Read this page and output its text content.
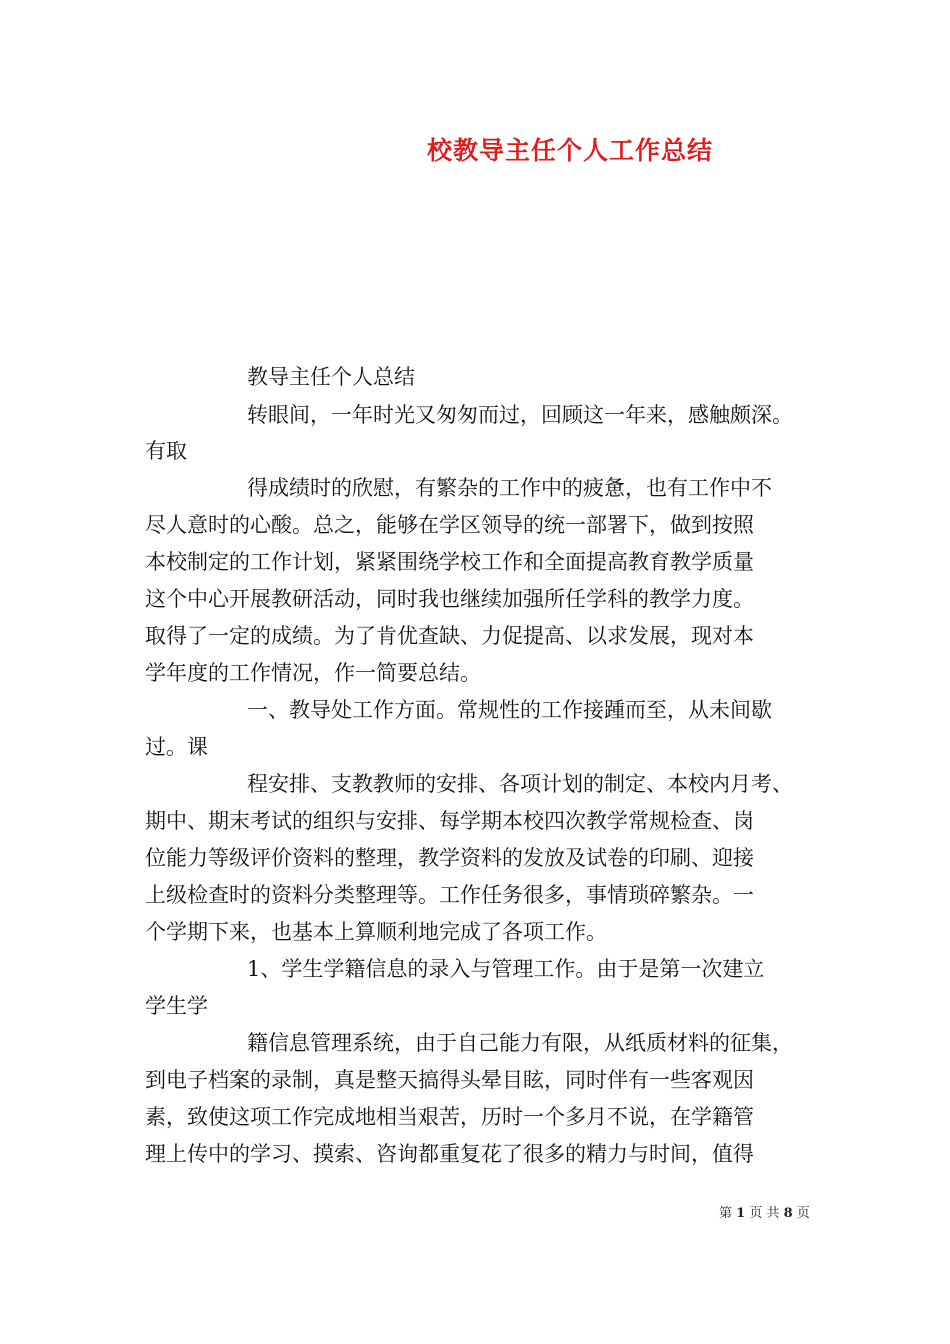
校教导主任个人工作总结
教导主任个人总结
转眼间，一年时光又匆匆而过，回顾这一年来，感触颇深。
有取
得成绩时的欣慰，有繁杂的工作中的疲惫，也有工作中不
尽人意时的心酸。总之，能够在学区领导的统一部署下，做到按照
本校制定的工作计划，紧紧围绕学校工作和全面提高教育教学质量
这个中心开展教研活动，同时我也继续加强所任学科的教学力度。
取得了一定的成绩。为了肯优查缺、力促提高、以求发展，现对本
学年度的工作情况，作一简要总结。
一、教导处工作方面。常规性的工作接踵而至，从未间歇
过。课
程安排、支教教师的安排、各项计划的制定、本校内月考、
期中、期末考试的组织与安排、每学期本校四次教学常规检查、岗
位能力等级评价资料的整理，教学资料的发放及试卷的印刷、迎接
上级检查时的资料分类整理等。工作任务很多，事情琐碎繁杂。一
个学期下来，也基本上算顺利地完成了各项工作。
1、学生学籍信息的录入与管理工作。由于是第一次建立
学生学
籍信息管理系统，由于自己能力有限，从纸质材料的征集，
到电子档案的录制，真是整天搞得头晕目眩，同时伴有一些客观因
素，致使这项工作完成地相当艰苦，历时一个多月不说，在学籍管
理上传中的学习、摸索、咨询都重复花了很多的精力与时间，值得
第 1 页 共 8 页
